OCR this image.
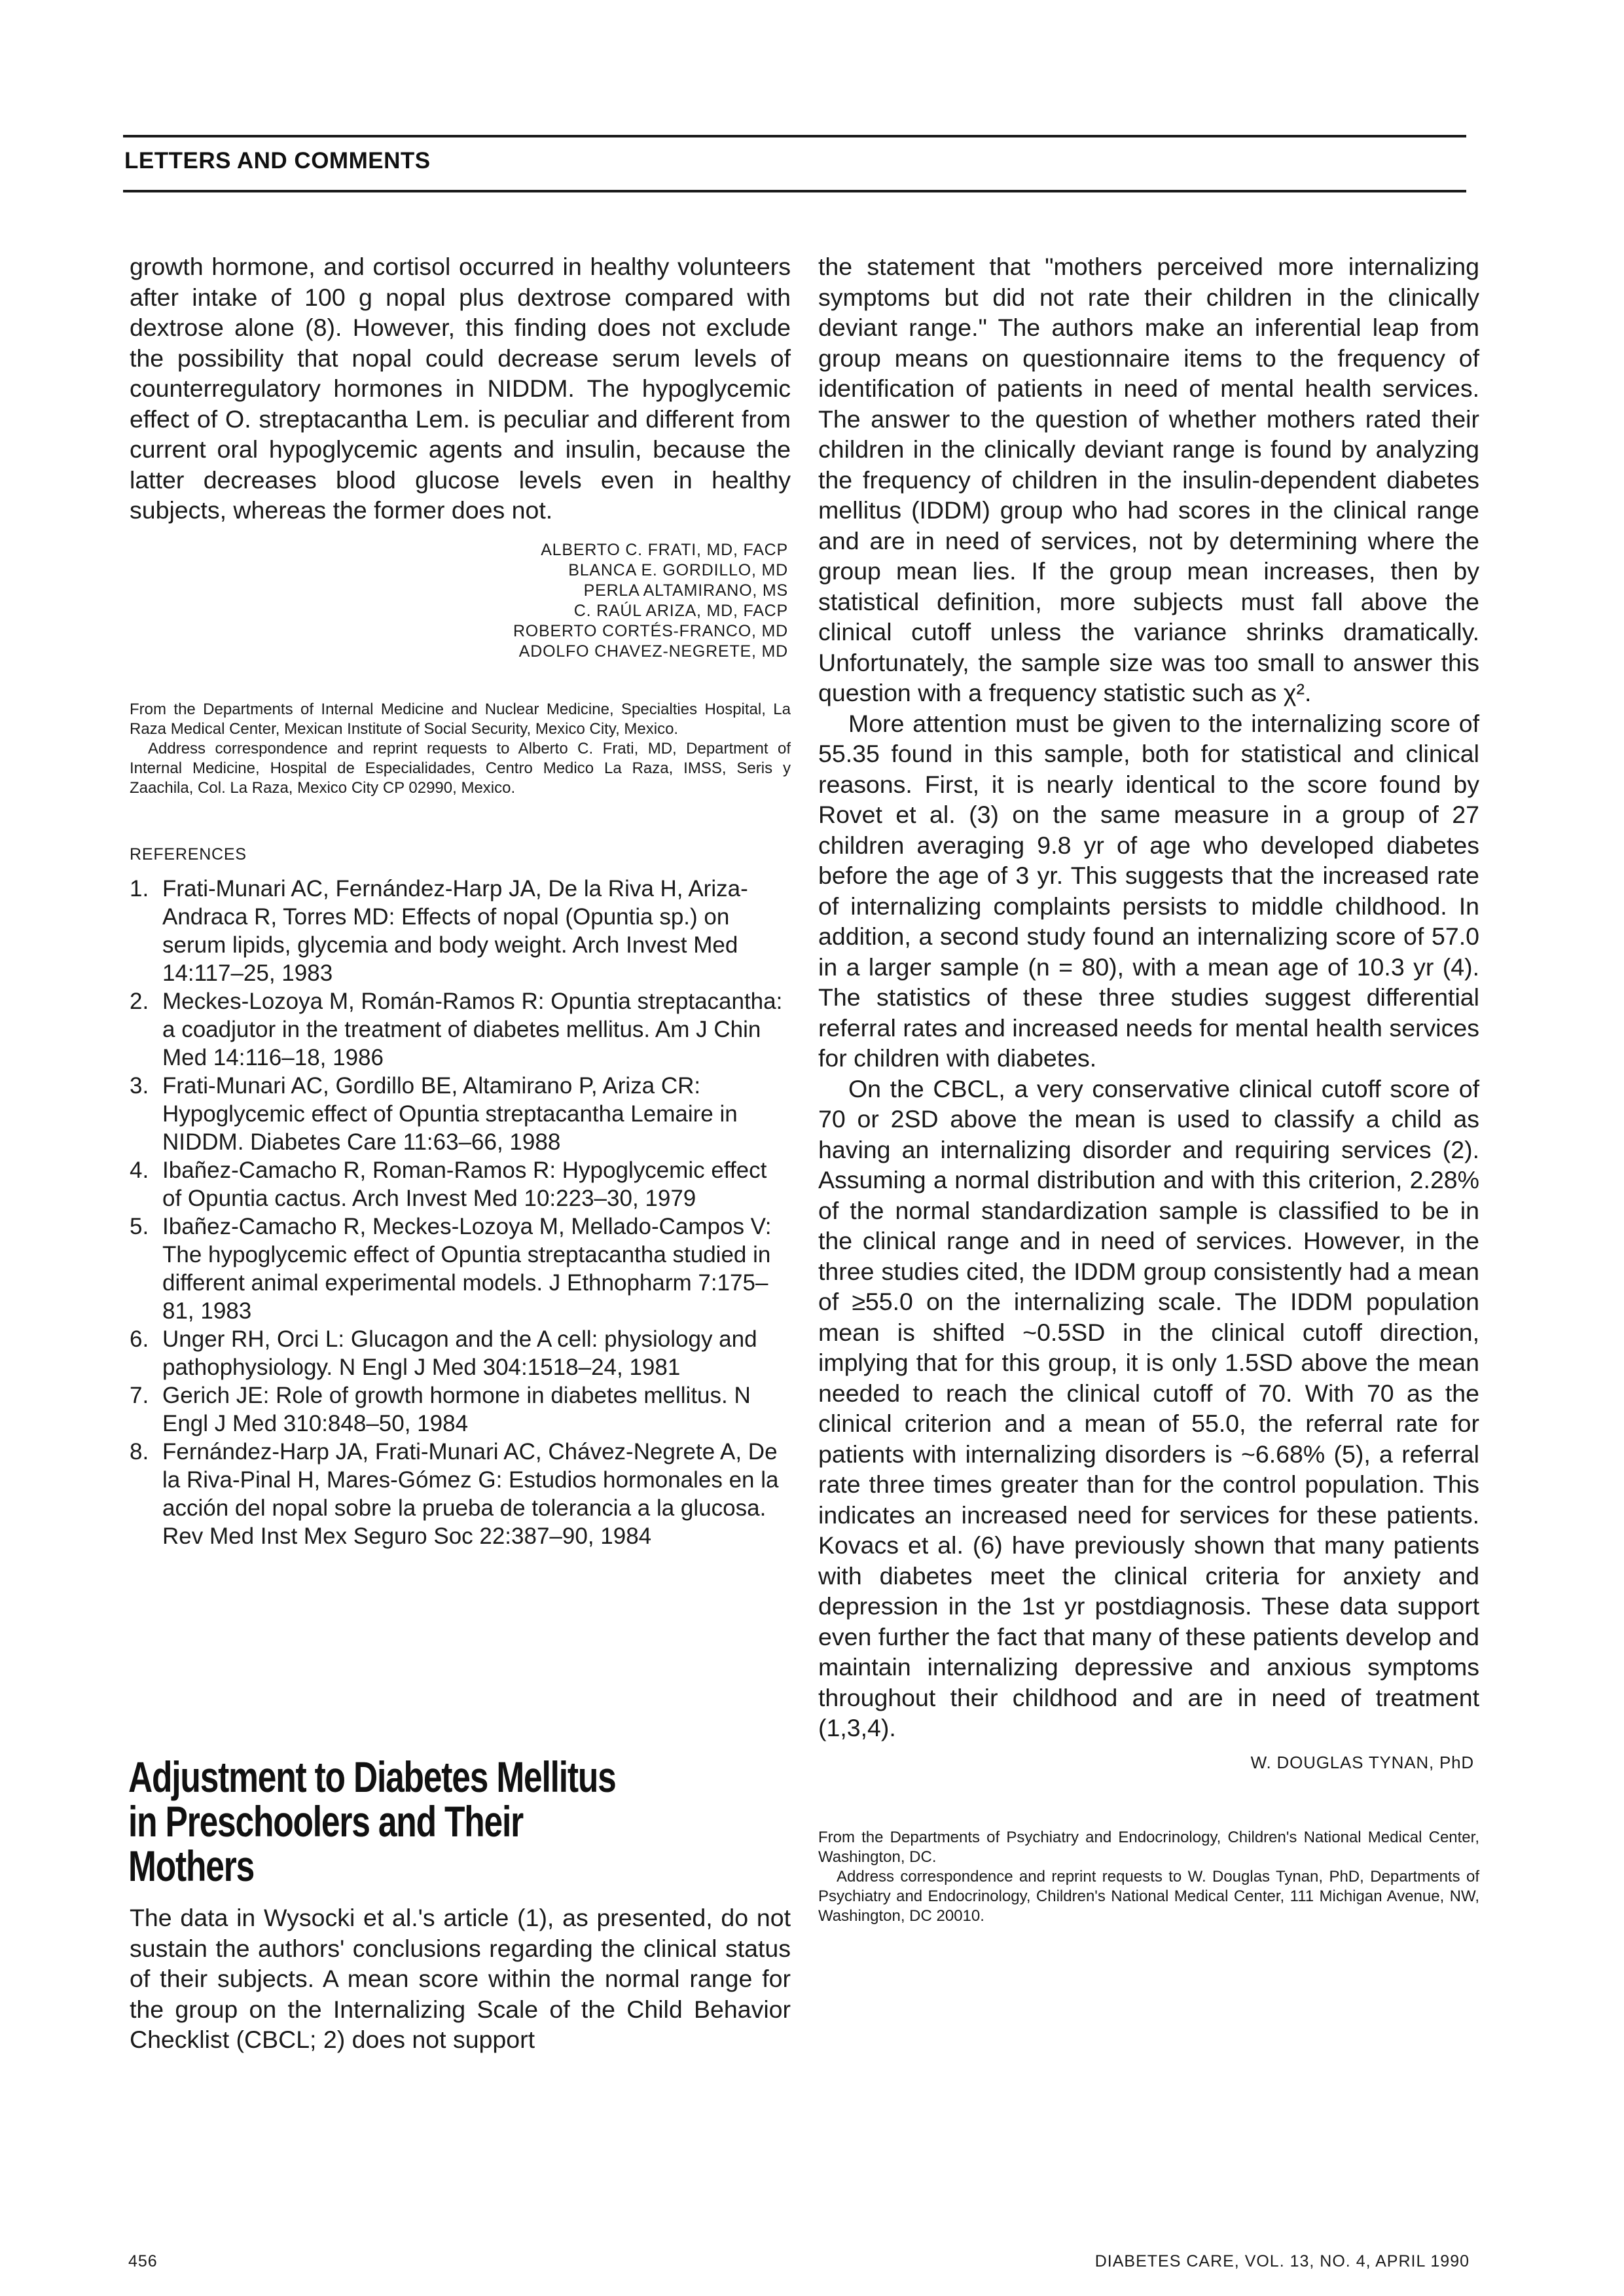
LETTERS AND COMMENTS

growth hormone, and cortisol occurred in healthy volunteers after intake of 100 g nopal plus dextrose compared with dextrose alone (8). However, this finding does not exclude the possibility that nopal could decrease serum levels of counterregulatory hormones in NIDDM. The hypoglycemic effect of O. streptacantha Lem. is peculiar and different from current oral hypoglycemic agents and insulin, because the latter decreases blood glucose levels even in healthy subjects, whereas the former does not.

ALBERTO C. FRATI, MD, FACP
BLANCA E. GORDILLO, MD
PERLA ALTAMIRANO, MS
C. RAÚL ARIZA, MD, FACP
ROBERTO CORTÉS-FRANCO, MD
ADOLFO CHAVEZ-NEGRETE, MD

From the Departments of Internal Medicine and Nuclear Medicine, Specialties Hospital, La Raza Medical Center, Mexican Institute of Social Security, Mexico City, Mexico.

Address correspondence and reprint requests to Alberto C. Frati, MD, Department of Internal Medicine, Hospital de Especialidades, Centro Medico La Raza, IMSS, Seris y Zaachila, Col. La Raza, Mexico City CP 02990, Mexico.

REFERENCES

1. Frati-Munari AC, Fernández-Harp JA, De la Riva H, Ariza-Andraca R, Torres MD: Effects of nopal (Opuntia sp.) on serum lipids, glycemia and body weight. Arch Invest Med 14:117–25, 1983
2. Meckes-Lozoya M, Román-Ramos R: Opuntia streptacantha: a coadjutor in the treatment of diabetes mellitus. Am J Chin Med 14:116–18, 1986
3. Frati-Munari AC, Gordillo BE, Altamirano P, Ariza CR: Hypoglycemic effect of Opuntia streptacantha Lemaire in NIDDM. Diabetes Care 11:63–66, 1988
4. Ibañez-Camacho R, Roman-Ramos R: Hypoglycemic effect of Opuntia cactus. Arch Invest Med 10:223–30, 1979
5. Ibañez-Camacho R, Meckes-Lozoya M, Mellado-Campos V: The hypoglycemic effect of Opuntia streptacantha studied in different animal experimental models. J Ethnopharm 7:175–81, 1983
6. Unger RH, Orci L: Glucagon and the A cell: physiology and pathophysiology. N Engl J Med 304:1518–24, 1981
7. Gerich JE: Role of growth hormone in diabetes mellitus. N Engl J Med 310:848–50, 1984
8. Fernández-Harp JA, Frati-Munari AC, Chávez-Negrete A, De la Riva-Pinal H, Mares-Gómez G: Estudios hormonales en la acción del nopal sobre la prueba de tolerancia a la glucosa. Rev Med Inst Mex Seguro Soc 22:387–90, 1984
Adjustment to Diabetes Mellitus in Preschoolers and Their Mothers

The data in Wysocki et al.'s article (1), as presented, do not sustain the authors' conclusions regarding the clinical status of their subjects. A mean score within the normal range for the group on the Internalizing Scale of the Child Behavior Checklist (CBCL; 2) does not support

the statement that "mothers perceived more internalizing symptoms but did not rate their children in the clinically deviant range." The authors make an inferential leap from group means on questionnaire items to the frequency of identification of patients in need of mental health services. The answer to the question of whether mothers rated their children in the clinically deviant range is found by analyzing the frequency of children in the insulin-dependent diabetes mellitus (IDDM) group who had scores in the clinical range and are in need of services, not by determining where the group mean lies. If the group mean increases, then by statistical definition, more subjects must fall above the clinical cutoff unless the variance shrinks dramatically. Unfortunately, the sample size was too small to answer this question with a frequency statistic such as χ².

More attention must be given to the internalizing score of 55.35 found in this sample, both for statistical and clinical reasons. First, it is nearly identical to the score found by Rovet et al. (3) on the same measure in a group of 27 children averaging 9.8 yr of age who developed diabetes before the age of 3 yr. This suggests that the increased rate of internalizing complaints persists to middle childhood. In addition, a second study found an internalizing score of 57.0 in a larger sample (n = 80), with a mean age of 10.3 yr (4). The statistics of these three studies suggest differential referral rates and increased needs for mental health services for children with diabetes.

On the CBCL, a very conservative clinical cutoff score of 70 or 2SD above the mean is used to classify a child as having an internalizing disorder and requiring services (2). Assuming a normal distribution and with this criterion, 2.28% of the normal standardization sample is classified to be in the clinical range and in need of services. However, in the three studies cited, the IDDM group consistently had a mean of ≥55.0 on the internalizing scale. The IDDM population mean is shifted ~0.5SD in the clinical cutoff direction, implying that for this group, it is only 1.5SD above the mean needed to reach the clinical cutoff of 70. With 70 as the clinical criterion and a mean of 55.0, the referral rate for patients with internalizing disorders is ~6.68% (5), a referral rate three times greater than for the control population. This indicates an increased need for services for these patients. Kovacs et al. (6) have previously shown that many patients with diabetes meet the clinical criteria for anxiety and depression in the 1st yr postdiagnosis. These data support even further the fact that many of these patients develop and maintain internalizing depressive and anxious symptoms throughout their childhood and are in need of treatment (1,3,4).

W. DOUGLAS TYNAN, PhD

From the Departments of Psychiatry and Endocrinology, Children's National Medical Center, Washington, DC.

Address correspondence and reprint requests to W. Douglas Tynan, PhD, Departments of Psychiatry and Endocrinology, Children's National Medical Center, 111 Michigan Avenue, NW, Washington, DC 20010.

456	DIABETES CARE, VOL. 13, NO. 4, APRIL 1990
